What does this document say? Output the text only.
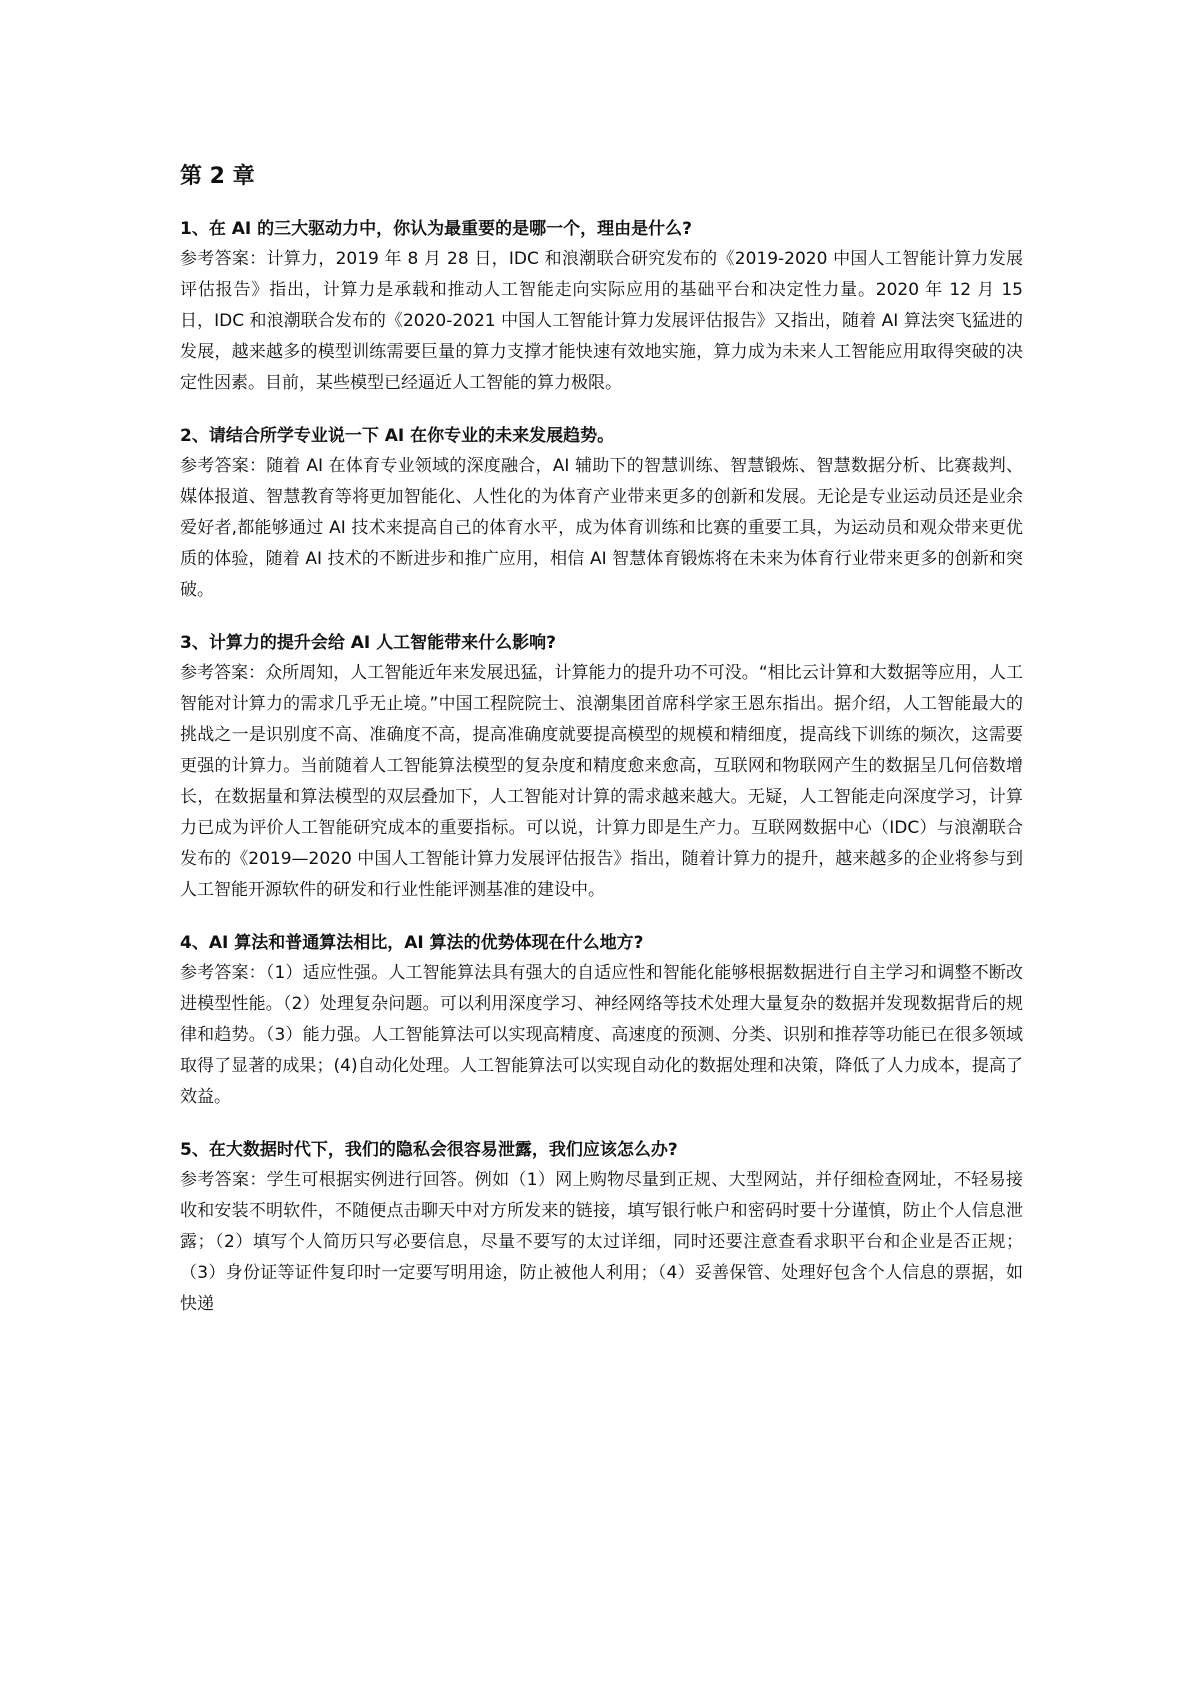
第 2 章

1、在 AI 的三大驱动力中，你认为最重要的是哪一个，理由是什么?

参考答案：计算力，2019 年 8 月 28 日，IDC 和浪潮联合研究发布的《2019-2020 中国人工智能计算力发展评估报告》指出，计算力是承载和推动人工智能走向实际应用的基础平台和决定性力量。2020 年 12 月 15 日，IDC 和浪潮联合发布的《2020-2021 中国人工智能计算力发展评估报告》又指出，随着 AI 算法突飞猛进的发展，越来越多的模型训练需要巨量的算力支撑才能快速有效地实施，算力成为未来人工智能应用取得突破的决定性因素。目前，某些模型已经逼近人工智能的算力极限。

2、请结合所学专业说一下 AI 在你专业的未来发展趋势。

参考答案：随着 AI 在体育专业领域的深度融合，AI 辅助下的智慧训练、智慧锻炼、智慧数据分析、比赛裁判、媒体报道、智慧教育等将更加智能化、人性化的为体育产业带来更多的创新和发展。无论是专业运动员还是业余爱好者,都能够通过 AI 技术来提高自己的体育水平，成为体育训练和比赛的重要工具，为运动员和观众带来更优质的体验，随着 AI 技术的不断进步和推广应用，相信 AI 智慧体育锻炼将在未来为体育行业带来更多的创新和突破。

3、计算力的提升会给 AI 人工智能带来什么影响?

参考答案：众所周知，人工智能近年来发展迅猛，计算能力的提升功不可没。“相比云计算和大数据等应用，人工智能对计算力的需求几乎无止境。”中国工程院院士、浪潮集团首席科学家王恩东指出。据介绍，人工智能最大的挑战之一是识别度不高、准确度不高，提高准确度就要提高模型的规模和精细度，提高线下训练的频次，这需要更强的计算力。当前随着人工智能算法模型的复杂度和精度愈来愈高，互联网和物联网产生的数据呈几何倍数增长，在数据量和算法模型的双层叠加下，人工智能对计算的需求越来越大。无疑，人工智能走向深度学习，计算力已成为评价人工智能研究成本的重要指标。可以说，计算力即是生产力。互联网数据中心（IDC）与浪潮联合发布的《2019—2020 中国人工智能计算力发展评估报告》指出，随着计算力的提升，越来越多的企业将参与到人工智能开源软件的研发和行业性能评测基准的建设中。

4、AI 算法和普通算法相比，AI 算法的优势体现在什么地方?

参考答案：（1）适应性强。人工智能算法具有强大的自适应性和智能化能够根据数据进行自主学习和调整不断改进模型性能。（2）处理复杂问题。可以利用深度学习、神经网络等技术处理大量复杂的数据并发现数据背后的规律和趋势。（3）能力强。人工智能算法可以实现高精度、高速度的预测、分类、识别和推荐等功能已在很多领域取得了显著的成果；(4)自动化处理。人工智能算法可以实现自动化的数据处理和决策，降低了人力成本，提高了效益。

5、在大数据时代下，我们的隐私会很容易泄露，我们应该怎么办?

参考答案：学生可根据实例进行回答。例如（1）网上购物尽量到正规、大型网站，并仔细检查网址，不轻易接收和安装不明软件，不随便点击聊天中对方所发来的链接，填写银行帐户和密码时要十分谨慎，防止个人信息泄露；（2）填写个人简历只写必要信息，尽量不要写的太过详细，同时还要注意查看求职平台和企业是否正规；（3）身份证等证件复印时一定要写明用途，防止被他人利用；（4）妥善保管、处理好包含个人信息的票据，如快递
